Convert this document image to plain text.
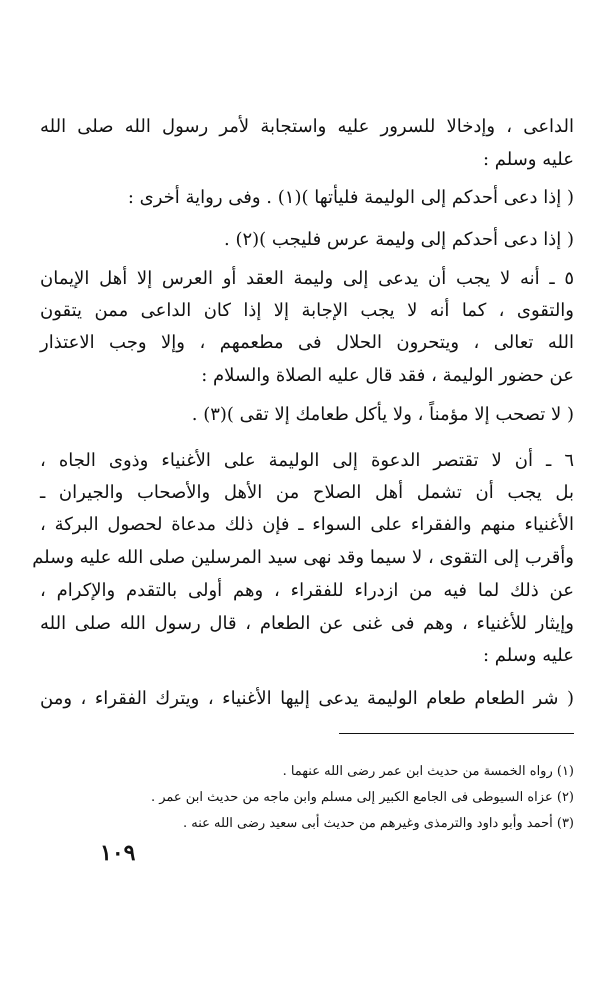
الداعى ، وإدخالا للسرور عليه واستجابة لأمر رسول الله صلى الله

عليه وسلم :

( إذا دعى أحدكم إلى الوليمة فليأتها )(١) . وفى رواية أخرى :

( إذا دعى أحدكم إلى وليمة عرس فليجب )(٢) .

٥ ـ أنه لا يجب أن يدعى إلى وليمة العقد أو العرس إلا أهل الإيمان

والتقوى ، كما أنه لا يجب الإجابة إلا إذا كان الداعى ممن يتقون

الله تعالى ، ويتحرون الحلال فى مطعمهم ، وإلا وجب الاعتذار

عن حضور الوليمة ، فقد قال عليه الصلاة والسلام :

( لا تصحب إلا مؤمناً ، ولا يأكل طعامك إلا تقى )(٣) .

٦ ـ أن لا تقتصر الدعوة إلى الوليمة على الأغنياء وذوى الجاه ،

بل يجب أن تشمل أهل الصلاح من الأهل والأصحاب والجيران ـ

الأغنياء منهم والفقراء على السواء ـ فإن ذلك مدعاة لحصول البركة ،

وأقرب إلى التقوى ، لا سيما وقد نهى سيد المرسلين صلى الله عليه وسلم

عن ذلك لما فيه من ازدراء للفقراء ، وهم أولى بالتقدم والإكرام ،

وإيثار للأغنياء ، وهم فى غنى عن الطعام ، قال رسول الله صلى الله

عليه وسلم :

( شر الطعام طعام الوليمة يدعى إليها الأغنياء ، ويترك الفقراء ، ومن

(١) رواه الخمسة من حديث ابن عمر رضى الله عنهما .

(٢) عزاه السيوطى فى الجامع الكبير إلى مسلم وابن ماجه من حديث ابن عمر .

(٣) أحمد وأبو داود والترمذى وغيرهم من حديث أبى سعيد رضى الله عنه .

١٠٩
